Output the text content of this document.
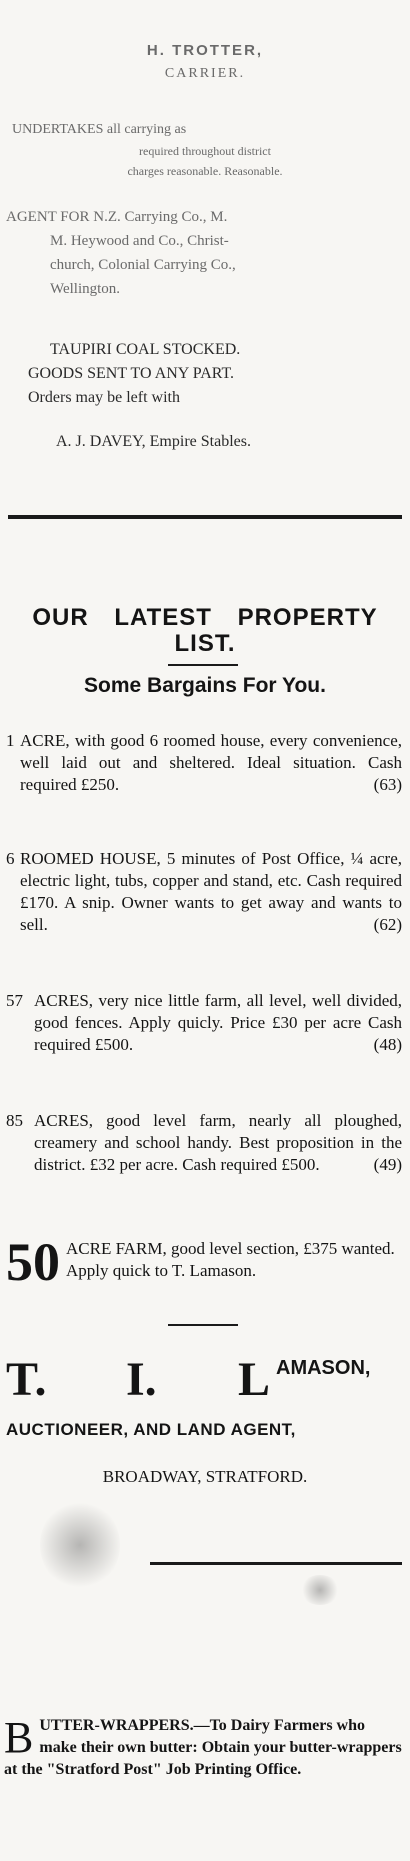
H. TROTTER,
CARRIER.
UNDERTAKES all carrying as
required throughout district
charges reasonable. Reasonable.
AGENT FOR N.Z. Carrying Co., M.
M. Heywood and Co., Christ-
church, Colonial Carrying Co.,
Wellington.
TAUPIRI COAL STOCKED.
GOODS SENT TO ANY PART.
Orders may be left with
A. J. DAVEY, Empire Stables.
OUR LATEST PROPERTY LIST.
Some Bargains For You.
1 ACRE, with good 6 roomed house, every convenience, well laid out and sheltered. Ideal situation. Cash required £250.	(63)
6 ROOMED HOUSE, 5 minutes of Post Office, ¼ acre, electric light, tubs, copper and stand, etc. Cash required £170. A snip. Owner wants to get away and wants to sell.	(62)
57 ACRES, very nice little farm, all level, well divided, good fences. Apply quicly. Price £30 per acre Cash required £500.	(48)
85 ACRES, good level farm, nearly all ploughed, creamery and school handy. Best proposition in the district. £32 per acre. Cash required £500.	(49)
50 ACRE FARM, good level section, £375 wanted. Apply quick to T. Lamason.
T. I. L AMASON,
AUCTIONEER, AND LAND AGENT,
BROADWAY, STRATFORD.
B UTTER-WRAPPERS.—To Dairy Farmers who make their own butter: Obtain your butter-wrappers at the "Stratford Post" Job Printing Office.
